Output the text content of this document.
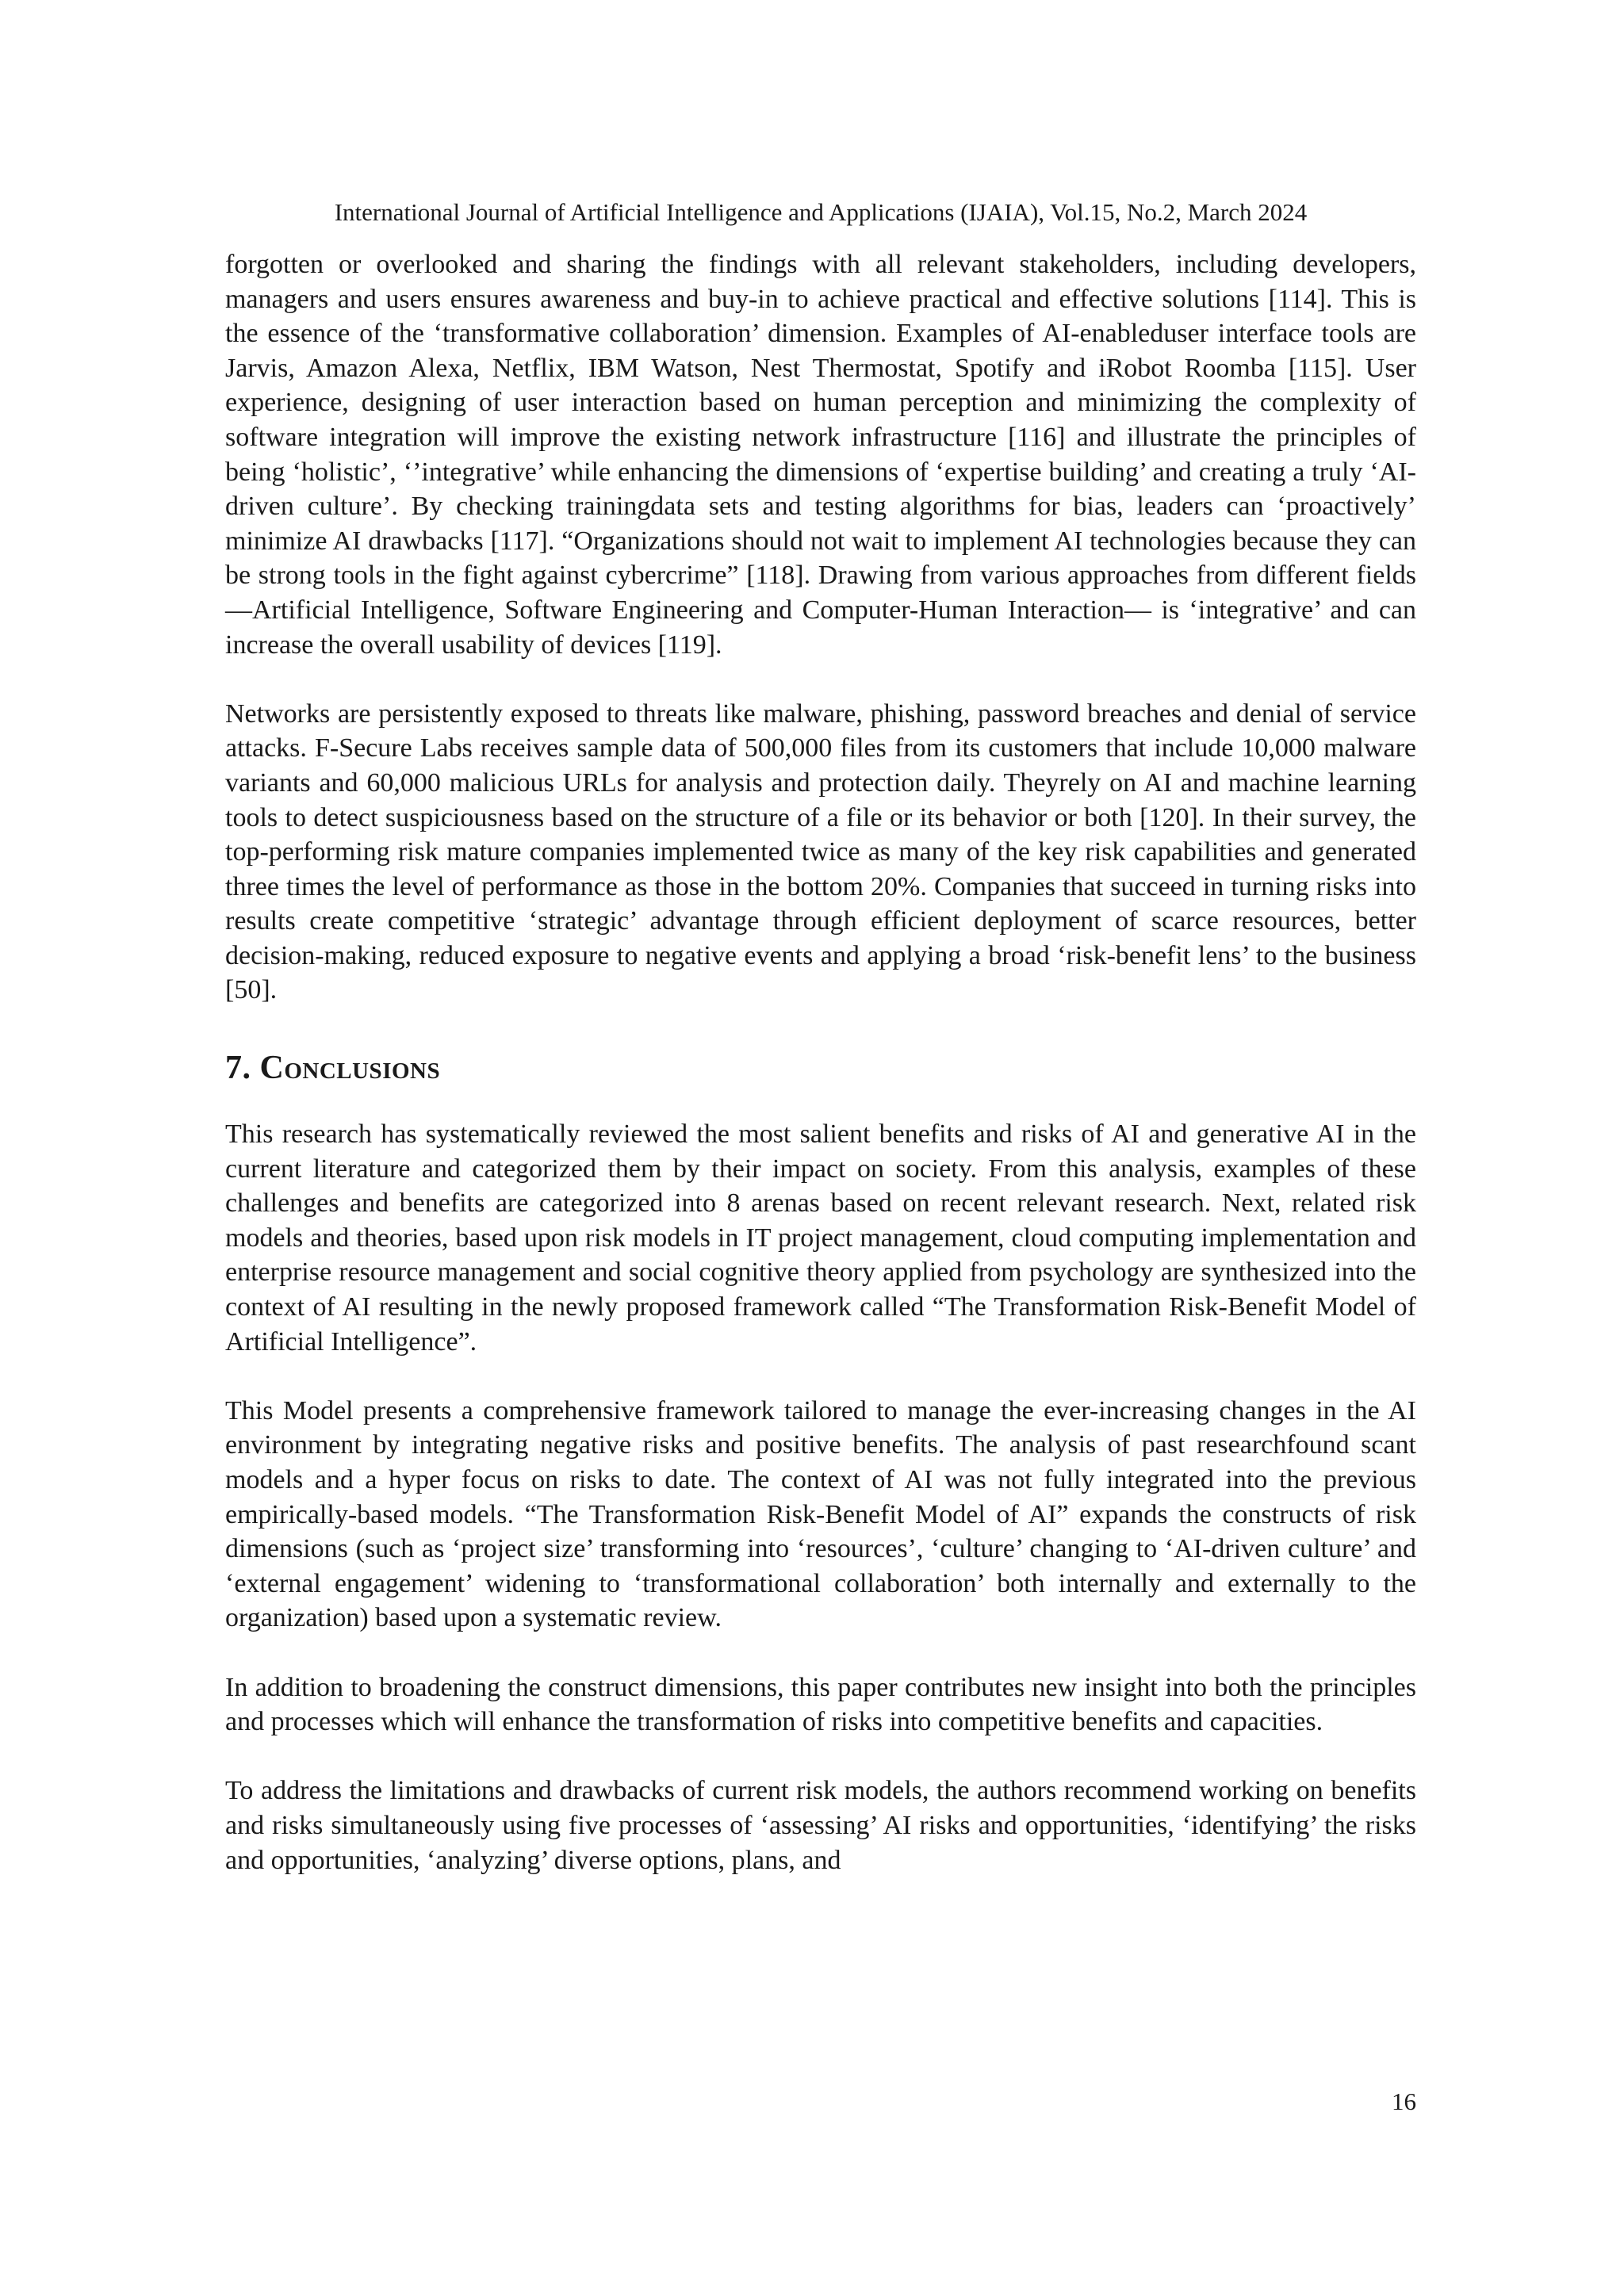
International Journal of Artificial Intelligence and Applications (IJAIA), Vol.15, No.2, March 2024

forgotten or overlooked and sharing the findings with all relevant stakeholders, including developers, managers and users ensures awareness and buy-in to achieve practical and effective solutions [114]. This is the essence of the ‘transformative collaboration’ dimension. Examples of AI-enableduser interface tools are Jarvis, Amazon Alexa, Netflix, IBM Watson, Nest Thermostat, Spotify and iRobot Roomba [115]. User experience, designing of user interaction based on human perception and minimizing the complexity of software integration will improve the existing network infrastructure [116] and illustrate the principles of being ‘holistic’, ‘’integrative’ while enhancing the dimensions of ‘expertise building’ and creating a truly ‘AI-driven culture’. By checking trainingdata sets and testing algorithms for bias, leaders can ‘proactively’ minimize AI drawbacks [117]. “Organizations should not wait to implement AI technologies because they can be strong tools in the fight against cybercrime” [118]. Drawing from various approaches from different fields—Artificial Intelligence, Software Engineering and Computer-Human Interaction— is ‘integrative’ and can increase the overall usability of devices [119].

Networks are persistently exposed to threats like malware, phishing, password breaches and denial of service attacks. F-Secure Labs receives sample data of 500,000 files from its customers that include 10,000 malware variants and 60,000 malicious URLs for analysis and protection daily. Theyrely on AI and machine learning tools to detect suspiciousness based on the structure of a file or its behavior or both [120]. In their survey, the top-performing risk mature companies implemented twice as many of the key risk capabilities and generated three times the level of performance as those in the bottom 20%. Companies that succeed in turning risks into results create competitive ‘strategic’ advantage through efficient deployment of scarce resources, better decision-making, reduced exposure to negative events and applying a broad ‘risk-benefit lens’ to the business [50].

7. Conclusions

This research has systematically reviewed the most salient benefits and risks of AI and generative AI in the current literature and categorized them by their impact on society. From this analysis, examples of these challenges and benefits are categorized into 8 arenas based on recent relevant research. Next, related risk models and theories, based upon risk models in IT project management, cloud computing implementation and enterprise resource management and social cognitive theory applied from psychology are synthesized into the context of AI resulting in the newly proposed framework called “The Transformation Risk-Benefit Model of Artificial Intelligence”.

This Model presents a comprehensive framework tailored to manage the ever-increasing changes in the AI environment by integrating negative risks and positive benefits. The analysis of past researchfound scant models and a hyper focus on risks to date. The context of AI was not fully integrated into the previous empirically-based models. “The Transformation Risk-Benefit Model of AI” expands the constructs of risk dimensions (such as ‘project size’ transforming into ‘resources’, ‘culture’ changing to ‘AI-driven culture’ and ‘external engagement’ widening to ‘transformational collaboration’ both internally and externally to the organization) based upon a systematic review.

In addition to broadening the construct dimensions, this paper contributes new insight into both the principles and processes which will enhance the transformation of risks into competitive benefits and capacities.

To address the limitations and drawbacks of current risk models, the authors recommend working on benefits and risks simultaneously using five processes of ‘assessing’ AI risks and opportunities, ‘identifying’ the risks and opportunities, ‘analyzing’ diverse options, plans, and

16
